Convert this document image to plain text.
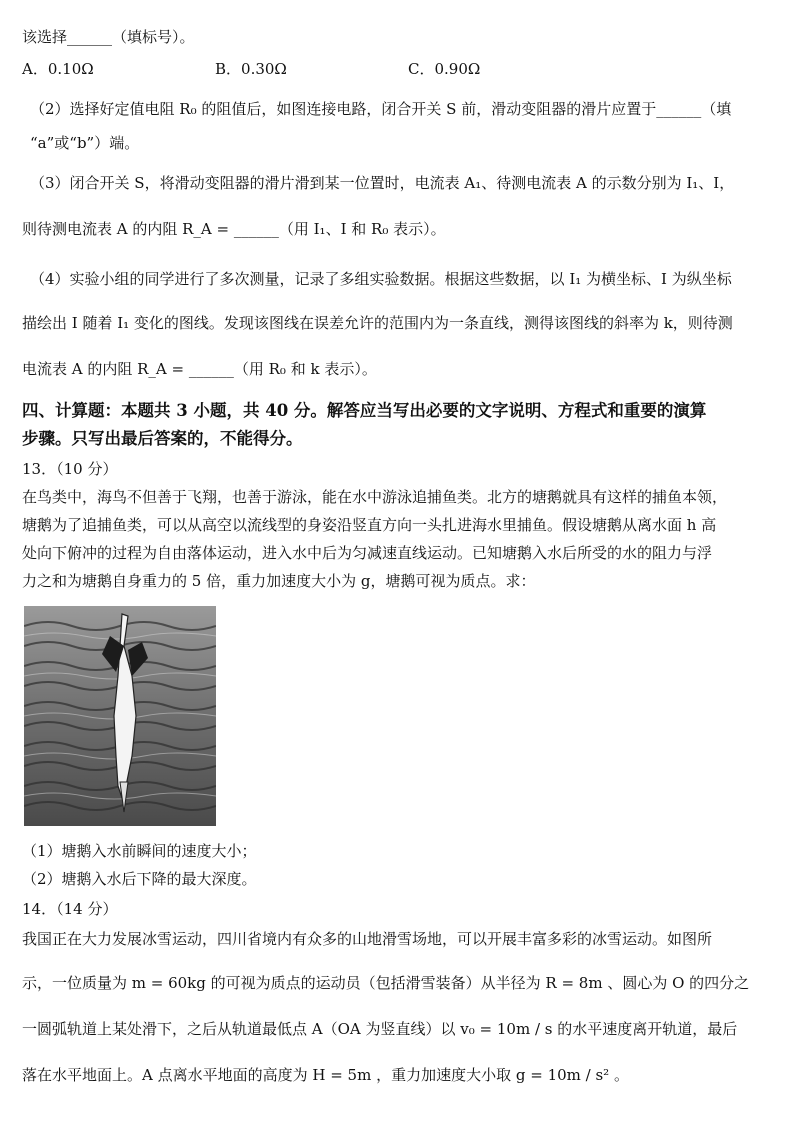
该选择______（填标号）。
A．0.10Ω	B．0.30Ω	C．0.90Ω
（2）选择好定值电阻 R₀ 的阻值后，如图连接电路，闭合开关 S 前，滑动变阻器的滑片应置于______（填
“a”或“b”）端。
（3）闭合开关 S，将滑动变阻器的滑片滑到某一位置时，电流表 A₁、待测电流表 A 的示数分别为 I₁、I，
则待测电流表 A 的内阻 R_A = ______（用 I₁、I 和 R₀ 表示）。
（4）实验小组的同学进行了多次测量，记录了多组实验数据。根据这些数据，以 I₁ 为横坐标、I 为纵坐标
描绘出 I 随着 I₁ 变化的图线。发现该图线在误差允许的范围内为一条直线，测得该图线的斜率为 k，则待测
电流表 A 的内阻 R_A = ______（用 R₀ 和 k 表示）。
四、计算题：本题共 3 小题，共 40 分。解答应当写出必要的文字说明、方程式和重要的演算
步骤。只写出最后答案的，不能得分。
13．（10 分）
在鸟类中，海鸟不但善于飞翔，也善于游泳，能在水中游泳追捕鱼类。北方的塘鹅就具有这样的捕鱼本领，
塘鹅为了追捕鱼类，可以从高空以流线型的身姿沿竖直方向一头扎进海水里捕鱼。假设塘鹅从离水面 h 高
处向下俯冲的过程为自由落体运动，进入水中后为匀减速直线运动。已知塘鹅入水后所受的水的阻力与浮
力之和为塘鹅自身重力的 5 倍，重力加速度大小为 g，塘鹅可视为质点。求：
（1）塘鹅入水前瞬间的速度大小；
（2）塘鹅入水后下降的最大深度。
14．（14 分）
我国正在大力发展冰雪运动，四川省境内有众多的山地滑雪场地，可以开展丰富多彩的冰雪运动。如图所
示，一位质量为 m = 60kg 的可视为质点的运动员（包括滑雪装备）从半径为 R = 8m 、圆心为 O 的四分之
一圆弧轨道上某处滑下，之后从轨道最低点 A（OA 为竖直线）以 v₀ = 10m / s 的水平速度离开轨道，最后
落在水平地面上。A 点离水平地面的高度为 H = 5m ，重力加速度大小取 g = 10m / s² 。
